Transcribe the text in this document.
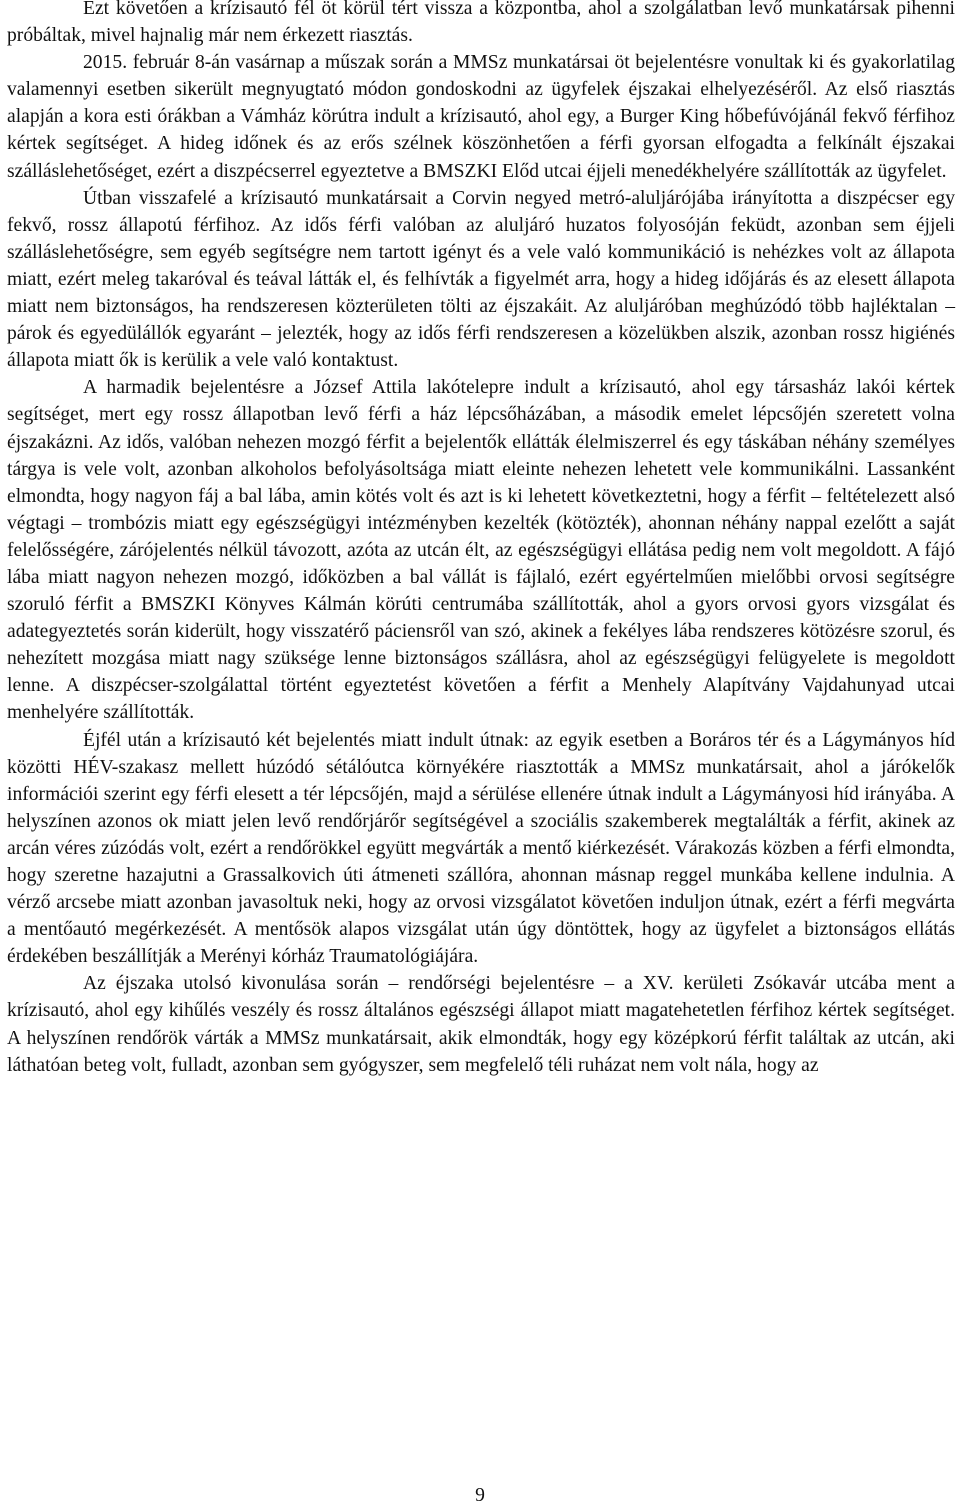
Ezt követően a krízisautó fél öt körül tért vissza a központba, ahol a szolgálatban levő munkatársak pihenni próbáltak, mivel hajnalig már nem érkezett riasztás.

2015. február 8-án vasárnap a műszak során a MMSz munkatársai öt bejelentésre vonultak ki és gyakorlatilag valamennyi esetben sikerült megnyugtató módon gondoskodni az ügyfelek éjszakai elhelyezéséről. Az első riasztás alapján a kora esti órákban a Vámház körútra indult a krízisautó, ahol egy, a Burger King hőbefúvójánál fekvő férfihoz kértek segítséget. A hideg időnek és az erős szélnek köszönhetően a férfi gyorsan elfogadta a felkínált éjszakai szálláslehetőséget, ezért a diszpécserrel egyeztetve a BMSZKI Előd utcai éjjeli menedékhelyére szállították az ügyfelet.

Útban visszafelé a krízisautó munkatársait a Corvin negyed metró-aluljárójába irányította a diszpécser egy fekvő, rossz állapotú férfihoz. Az idős férfi valóban az aluljáró huzatos folyosóján feküdt, azonban sem éjjeli szálláslehetőségre, sem egyéb segítségre nem tartott igényt és a vele való kommunikáció is nehézkes volt az állapota miatt, ezért meleg takaróval és teával látták el, és felhívták a figyelmét arra, hogy a hideg időjárás és az elesett állapota miatt nem biztonságos, ha rendszeresen közterületen tölti az éjszakáit. Az aluljáróban meghúzódó több hajléktalan – párok és egyedülállók egyaránt – jelezték, hogy az idős férfi rendszeresen a közelükben alszik, azonban rossz higiénés állapota miatt ők is kerülik a vele való kontaktust.

A harmadik bejelentésre a József Attila lakótelepre indult a krízisautó, ahol egy társasház lakói kértek segítséget, mert egy rossz állapotban levő férfi a ház lépcsőházában, a második emelet lépcsőjén szeretett volna éjszakázni. Az idős, valóban nehezen mozgó férfit a bejelentők ellátták élelmiszerrel és egy táskában néhány személyes tárgya is vele volt, azonban alkoholos befolyásoltsága miatt eleinte nehezen lehetett vele kommunikálni. Lassanként elmondta, hogy nagyon fáj a bal lába, amin kötés volt és azt is ki lehetett következtetni, hogy a férfit – feltételezett alsó végtagi – trombózis miatt egy egészségügyi intézményben kezelték (kötözték), ahonnan néhány nappal ezelőtt a saját felelősségére, zárójelentés nélkül távozott, azóta az utcán élt, az egészségügyi ellátása pedig nem volt megoldott. A fájó lába miatt nagyon nehezen mozgó, időközben a bal vállát is fájlaló, ezért egyértelműen mielőbbi orvosi segítségre szoruló férfit a BMSZKI Könyves Kálmán körúti centrumába szállították, ahol a gyors orvosi gyors vizsgálat és adategyeztetés során kiderült, hogy visszatérő páciensről van szó, akinek a fekélyes lába rendszeres kötözésre szorul, és nehezített mozgása miatt nagy szüksége lenne biztonságos szállásra, ahol az egészségügyi felügyelete is megoldott lenne. A diszpécser-szolgálattal történt egyeztetést követően a férfit a Menhely Alapítvány Vajdahunyad utcai menhelyére szállították.

Éjfél után a krízisautó két bejelentés miatt indult útnak: az egyik esetben a Boráros tér és a Lágymányos híd közötti HÉV-szakasz mellett húzódó sétálóutca környékére riasztották a MMSz munkatársait, ahol a járókelők információi szerint egy férfi elesett a tér lépcsőjén, majd a sérülése ellenére útnak indult a Lágymányosi híd irányába. A helyszínen azonos ok miatt jelen levő rendőrjárőr segítségével a szociális szakemberek megtalálták a férfit, akinek az arcán véres zúzódás volt, ezért a rendőrökkel együtt megvárták a mentő kiérkezését. Várakozás közben a férfi elmondta, hogy szeretne hazajutni a Grassalkovich úti átmeneti szállóra, ahonnan másnap reggel munkába kellene indulnia. A vérző arcsebe miatt azonban javasoltuk neki, hogy az orvosi vizsgálatot követően induljon útnak, ezért a férfi megvárta a mentőautó megérkezését. A mentősök alapos vizsgálat után úgy döntöttek, hogy az ügyfelet a biztonságos ellátás érdekében beszállítják a Merényi kórház Traumatológiájára.

Az éjszaka utolsó kivonulása során – rendőrségi bejelentésre – a XV. kerületi Zsókavár utcába ment a krízisautó, ahol egy kihűlés veszély és rossz általános egészségi állapot miatt magatehetetlen férfihoz kértek segítséget. A helyszínen rendőrök várták a MMSz munkatársait, akik elmondták, hogy egy középkorú férfit találtak az utcán, aki láthatóan beteg volt, fulladt, azonban sem gyógyszer, sem megfelelő téli ruházat nem volt nála, hogy az

9
